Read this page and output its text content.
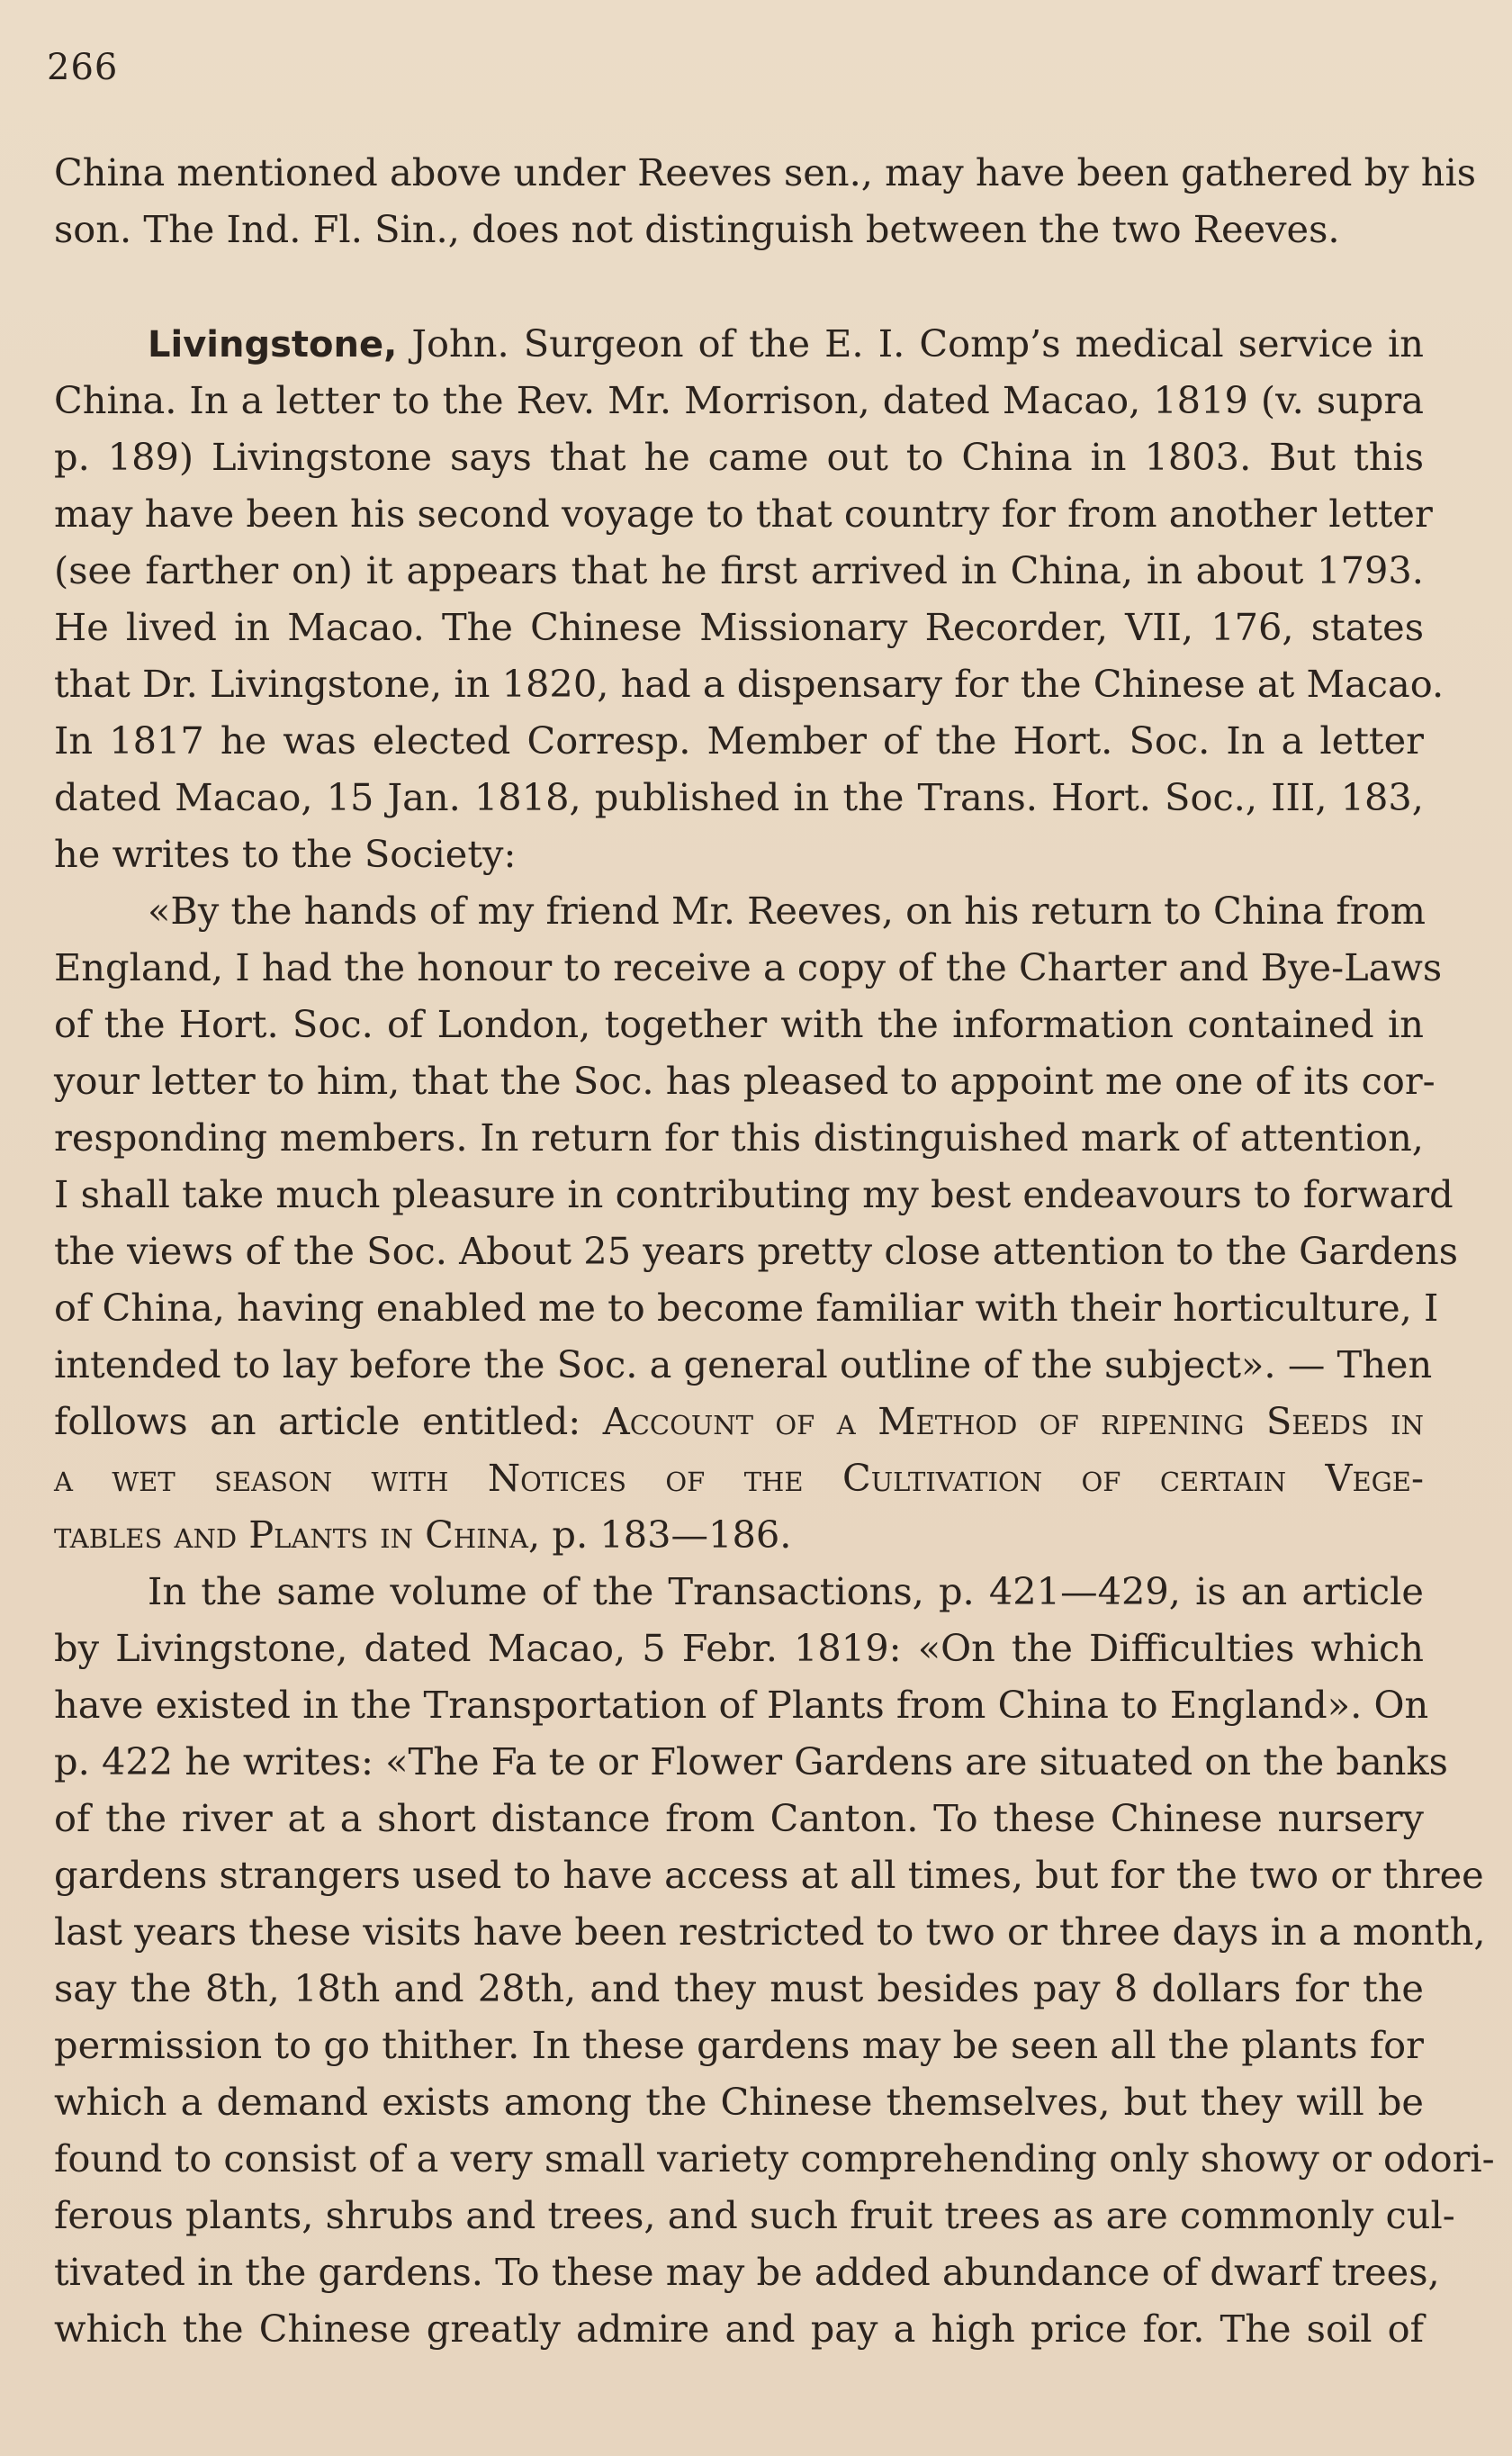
266
China mentioned above under Reeves sen., may have been gathered by his
son. The Ind. Fl. Sin., does not distinguish between the two Reeves.
Livingstone, John. Surgeon of the E. I. Comp’s medical service in
China. In a letter to the Rev. Mr. Morrison, dated Macao, 1819 (v. supra
p. 189) Livingstone says that he came out to China in 1803. But this
may have been his second voyage to that country for from another letter
(see farther on) it appears that he first arrived in China, in about 1793.
He lived in Macao. The Chinese Missionary Recorder, VII, 176, states
that Dr. Livingstone, in 1820, had a dispensary for the Chinese at Macao.
In 1817 he was elected Corresp. Member of the Hort. Soc. In a letter
dated Macao, 15 Jan. 1818, published in the Trans. Hort. Soc., III, 183,
he writes to the Society:
«By the hands of my friend Mr. Reeves, on his return to China from
England, I had the honour to receive a copy of the Charter and Bye-Laws
of the Hort. Soc. of London, together with the information contained in
your letter to him, that the Soc. has pleased to appoint me one of its cor-
responding members. In return for this distinguished mark of attention,
I shall take much pleasure in contributing my best endeavours to forward
the views of the Soc. About 25 years pretty close attention to the Gardens
of China, having enabled me to become familiar with their horticulture, I
intended to lay before the Soc. a general outline of the subject». — Then
follows an article entitled: Account of a Method of ripening Seeds in
a wet season with Notices of the Cultivation of certain Vege-
tables and Plants in China, p. 183—186.
In the same volume of the Transactions, p. 421—429, is an article
by Livingstone, dated Macao, 5 Febr. 1819: «On the Difficulties which
have existed in the Transportation of Plants from China to England». On
p. 422 he writes: «The Fa te or Flower Gardens are situated on the banks
of the river at a short distance from Canton. To these Chinese nursery
gardens strangers used to have access at all times, but for the two or three
last years these visits have been restricted to two or three days in a month,
say the 8th, 18th and 28th, and they must besides pay 8 dollars for the
permission to go thither. In these gardens may be seen all the plants for
which a demand exists among the Chinese themselves, but they will be
found to consist of a very small variety comprehending only showy or odori-
ferous plants, shrubs and trees, and such fruit trees as are commonly cul-
tivated in the gardens. To these may be added abundance of dwarf trees,
which the Chinese greatly admire and pay a high price for. The soil of
